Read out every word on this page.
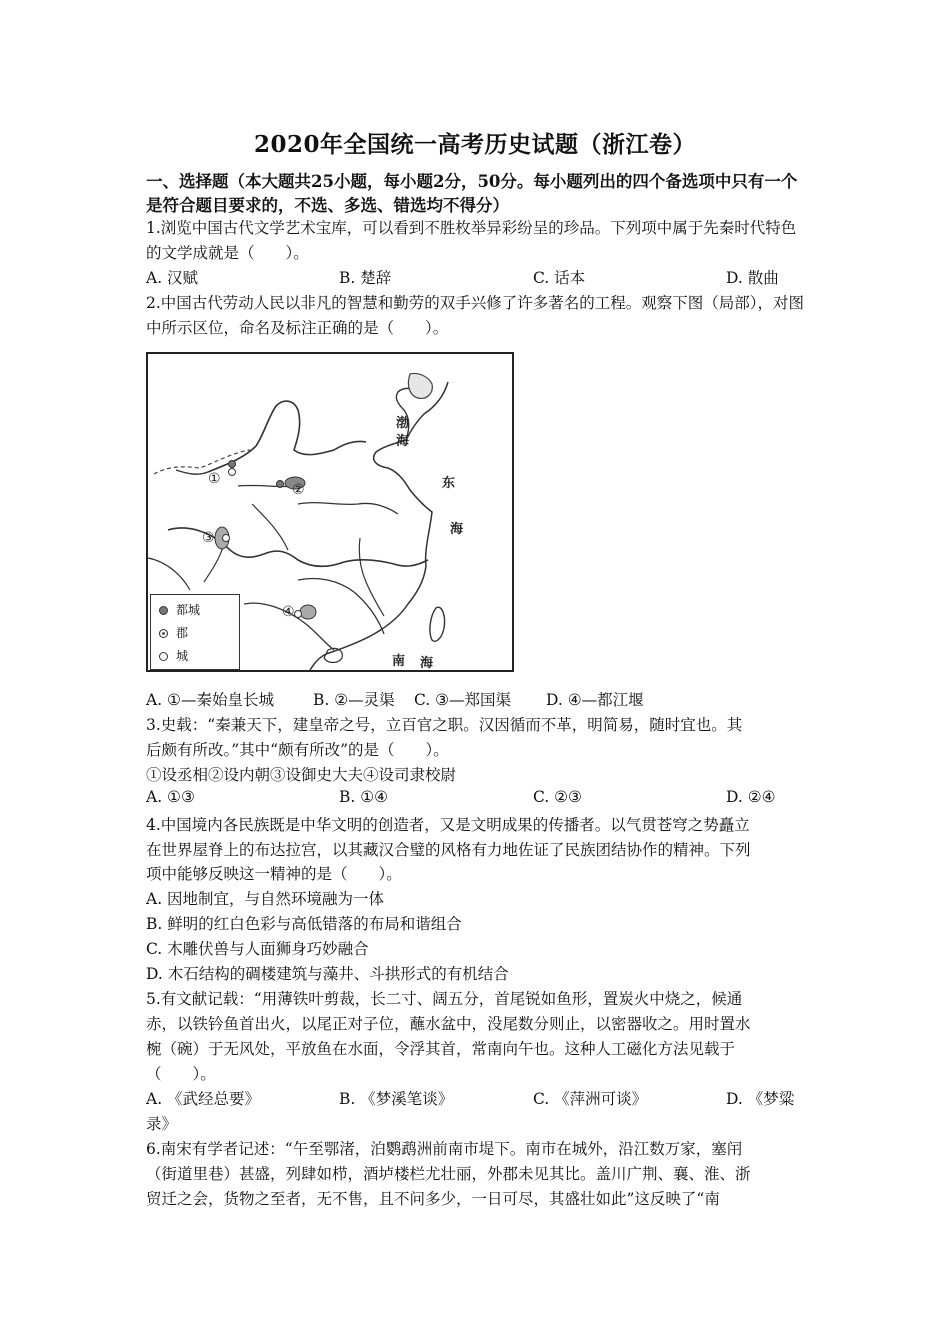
2020年全国统一高考历史试题（浙江卷）
一、选择题（本大题共25小题，每小题2分，50分。每小题列出的四个备选项中只有一个是符合题目要求的，不选、多选、错选均不得分）
1.浏览中国古代文学艺术宝库，可以看到不胜枚举异彩纷呈的珍品。下列项中属于先秦时代特色的文学成就是（　　）。
A. 汉赋	B. 楚辞	C. 话本	D. 散曲
2.中国古代劳动人民以非凡的智慧和勤劳的双手兴修了许多著名的工程。观察下图（局部），对图中所示区位，命名及标注正确的是（　　）。
渤
海
东
海
南 海
①
②
③
④
都城
郡
城
A. ①—秦始皇长城	B. ②—灵渠 C. ③—郑国渠 D. ④—都江堰
3.史载：“秦兼天下，建皇帝之号，立百官之职。汉因循而不革，明简易，随时宜也。其
后颇有所改。”其中“颇有所改”的是（　　）。
①设丞相②设内朝③设御史大夫④设司隶校尉
A. ①③	B. ①④	C. ②③	D. ②④
4.中国境内各民族既是中华文明的创造者，又是文明成果的传播者。以气贯苍穹之势矗立
在世界屋脊上的布达拉宫，以其藏汉合璧的风格有力地佐证了民族团结协作的精神。下列
项中能够反映这一精神的是（　　）。
A. 因地制宜，与自然环境融为一体
B. 鲜明的红白色彩与高低错落的布局和谐组合
C. 木雕伏兽与人面狮身巧妙融合
D. 木石结构的碉楼建筑与藻井、斗拱形式的有机结合
5.有文献记载：“用薄铁叶剪裁，长二寸、阔五分，首尾锐如鱼形，置炭火中烧之，候通
赤，以铁钤鱼首出火，以尾正对子位，蘸水盆中，没尾数分则止，以密器收之。用时置水
椀（碗）于无风处，平放鱼在水面，令浮其首，常南向午也。这种人工磁化方法见载于
（　　）。
A. 《武经总要》	B. 《梦溪笔谈》	C. 《萍洲可谈》	D. 《梦粱
录》
6.南宋有学者记述：“午至鄂渚，泊鹦鹉洲前南市堤下。南市在城外，沿江数万家，塞闬
（街道里巷）甚盛，列肆如栉，酒垆楼栏尤壮丽，外郡未见其比。盖川广荆、襄、淮、浙
贸迁之会，货物之至者，无不售，且不问多少，一日可尽，其盛壮如此”这反映了“南
